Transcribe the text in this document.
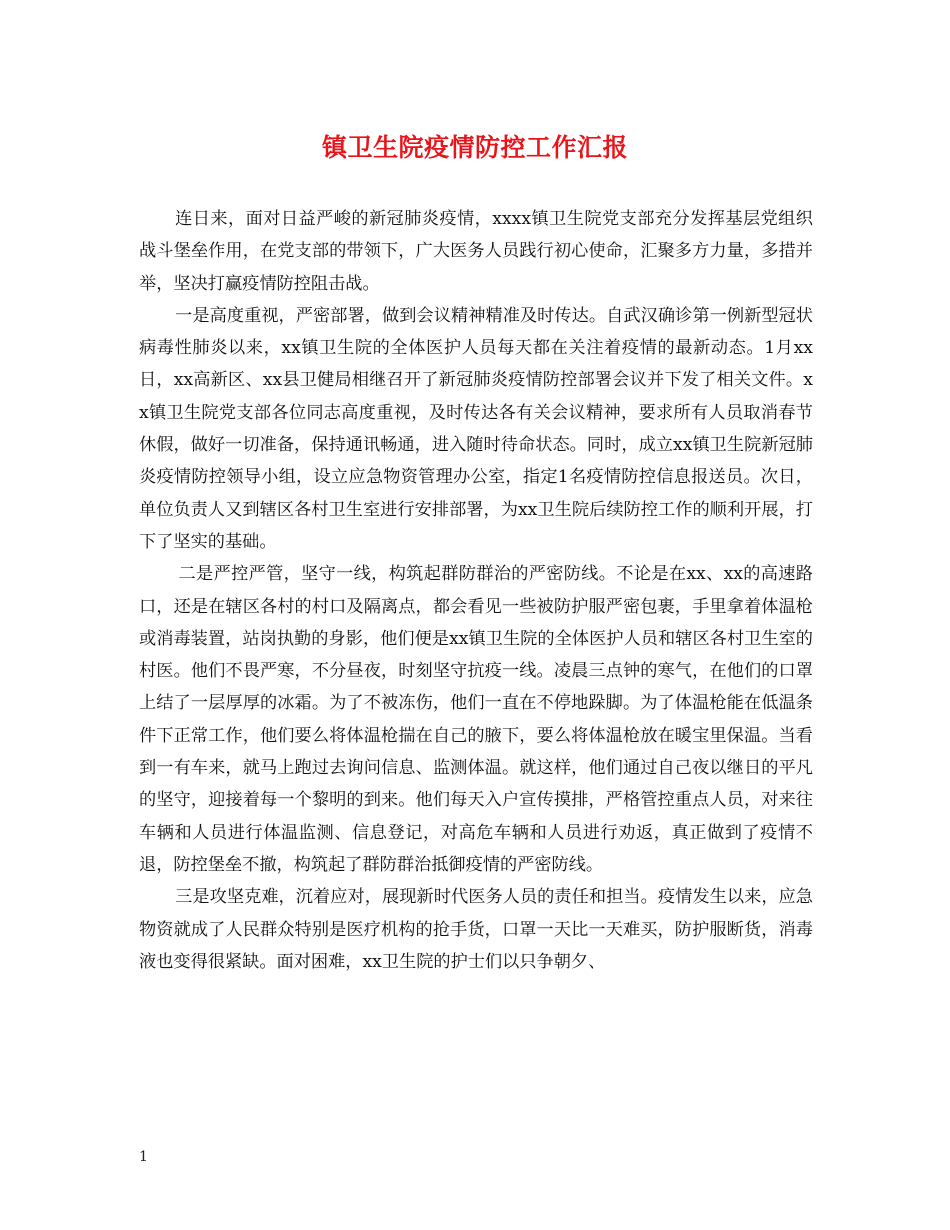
镇卫生院疫情防控工作汇报

连日来，面对日益严峻的新冠肺炎疫情，xxxx镇卫生院党支部充分发挥基层党组织战斗堡垒作用，在党支部的带领下，广大医务人员践行初心使命，汇聚多方力量，多措并举，坚决打赢疫情防控阻击战。

一是高度重视，严密部署，做到会议精神精准及时传达。自武汉确诊第一例新型冠状病毒性肺炎以来，xx镇卫生院的全体医护人员每天都在关注着疫情的最新动态。1月xx日，xx高新区、xx县卫健局相继召开了新冠肺炎疫情防控部署会议并下发了相关文件。xx镇卫生院党支部各位同志高度重视，及时传达各有关会议精神，要求所有人员取消春节休假，做好一切准备，保持通讯畅通，进入随时待命状态。同时，成立xx镇卫生院新冠肺炎疫情防控领导小组，设立应急物资管理办公室，指定1名疫情防控信息报送员。次日，单位负责人又到辖区各村卫生室进行安排部署，为xx卫生院后续防控工作的顺利开展，打下了坚实的基础。

二是严控严管，坚守一线，构筑起群防群治的严密防线。不论是在xx、xx的高速路口，还是在辖区各村的村口及隔离点，都会看见一些被防护服严密包裹，手里拿着体温枪或消毒装置，站岗执勤的身影，他们便是xx镇卫生院的全体医护人员和辖区各村卫生室的村医。他们不畏严寒，不分昼夜，时刻坚守抗疫一线。凌晨三点钟的寒气，在他们的口罩上结了一层厚厚的冰霜。为了不被冻伤，他们一直在不停地跺脚。为了体温枪能在低温条件下正常工作，他们要么将体温枪揣在自己的腋下，要么将体温枪放在暖宝里保温。当看到一有车来，就马上跑过去询问信息、监测体温。就这样，他们通过自己夜以继日的平凡的坚守，迎接着每一个黎明的到来。他们每天入户宣传摸排，严格管控重点人员，对来往车辆和人员进行体温监测、信息登记，对高危车辆和人员进行劝返，真正做到了疫情不退，防控堡垒不撤，构筑起了群防群治抵御疫情的严密防线。

三是攻坚克难，沉着应对，展现新时代医务人员的责任和担当。疫情发生以来，应急物资就成了人民群众特别是医疗机构的抢手货，口罩一天比一天难买，防护服断货，消毒液也变得很紧缺。面对困难，xx卫生院的护士们以只争朝夕、

1
